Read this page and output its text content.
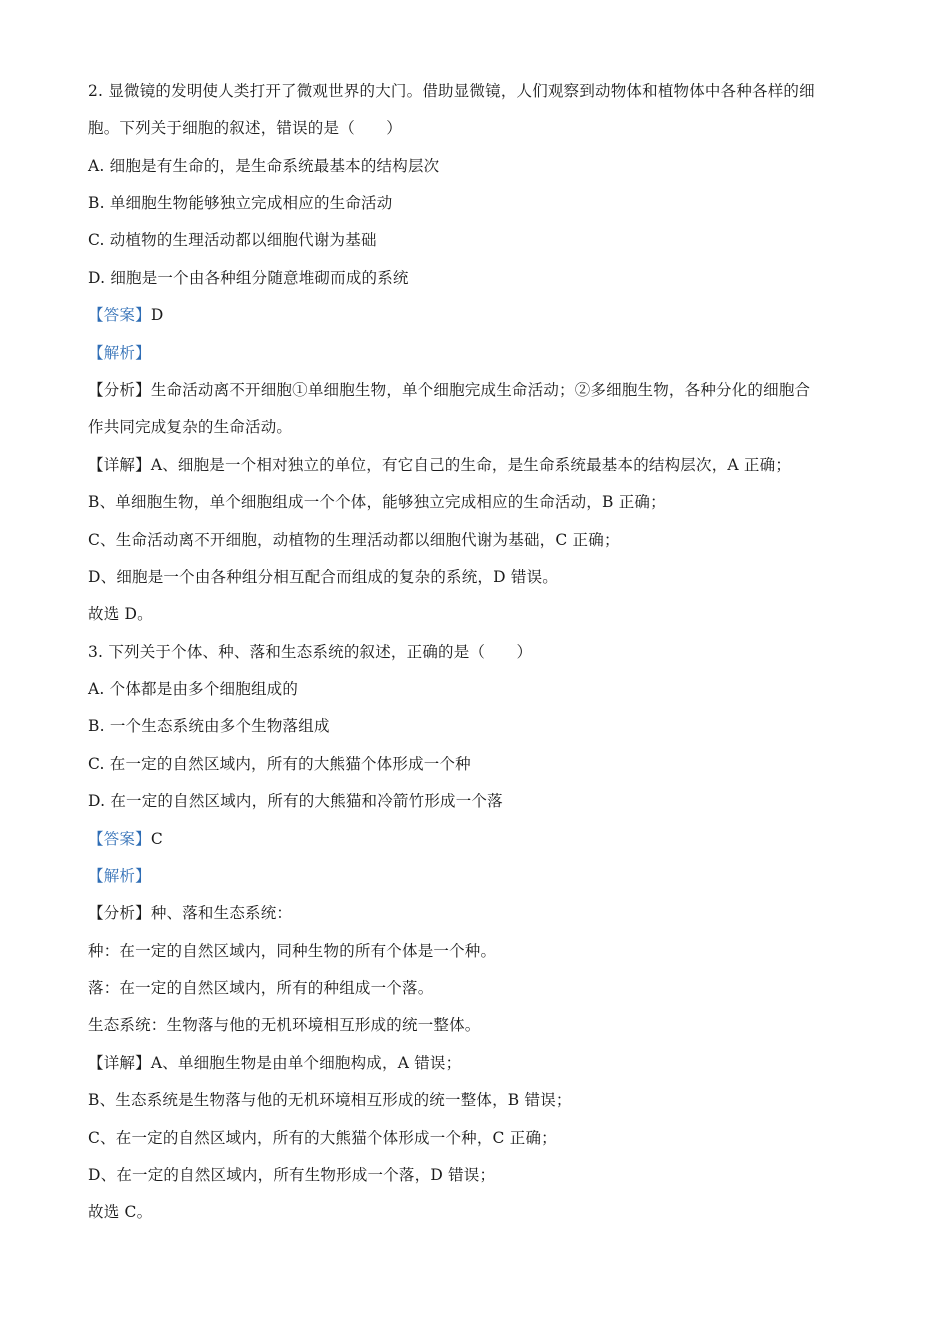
2. 显微镜的发明使人类打开了微观世界的大门。借助显微镜，人们观察到动物体和植物体中各种各样的细
胞。下列关于细胞的叙述，错误的是（　　）
A. 细胞是有生命的，是生命系统最基本的结构层次
B. 单细胞生物能够独立完成相应的生命活动
C. 动植物的生理活动都以细胞代谢为基础
D. 细胞是一个由各种组分随意堆砌而成的系统
【答案】D
【解析】
【分析】生命活动离不开细胞①单细胞生物，单个细胞完成生命活动；②多细胞生物，各种分化的细胞合
作共同完成复杂的生命活动。
【详解】A、细胞是一个相对独立的单位，有它自己的生命，是生命系统最基本的结构层次，A 正确；
B、单细胞生物，单个细胞组成一个个体，能够独立完成相应的生命活动，B 正确；
C、生命活动离不开细胞，动植物的生理活动都以细胞代谢为基础，C 正确；
D、细胞是一个由各种组分相互配合而组成的复杂的系统，D 错误。
故选 D。
3. 下列关于个体、种、落和生态系统的叙述，正确的是（　　）
A. 个体都是由多个细胞组成的
B. 一个生态系统由多个生物落组成
C. 在一定的自然区域内，所有的大熊猫个体形成一个种
D. 在一定的自然区域内，所有的大熊猫和冷箭竹形成一个落
【答案】C
【解析】
【分析】种、落和生态系统：
种：在一定的自然区域内，同种生物的所有个体是一个种。
落：在一定的自然区域内，所有的种组成一个落。
生态系统：生物落与他的无机环境相互形成的统一整体。
【详解】A、单细胞生物是由单个细胞构成，A 错误；
B、生态系统是生物落与他的无机环境相互形成的统一整体，B 错误；
C、在一定的自然区域内，所有的大熊猫个体形成一个种，C 正确；
D、在一定的自然区域内，所有生物形成一个落，D 错误；
故选 C。
